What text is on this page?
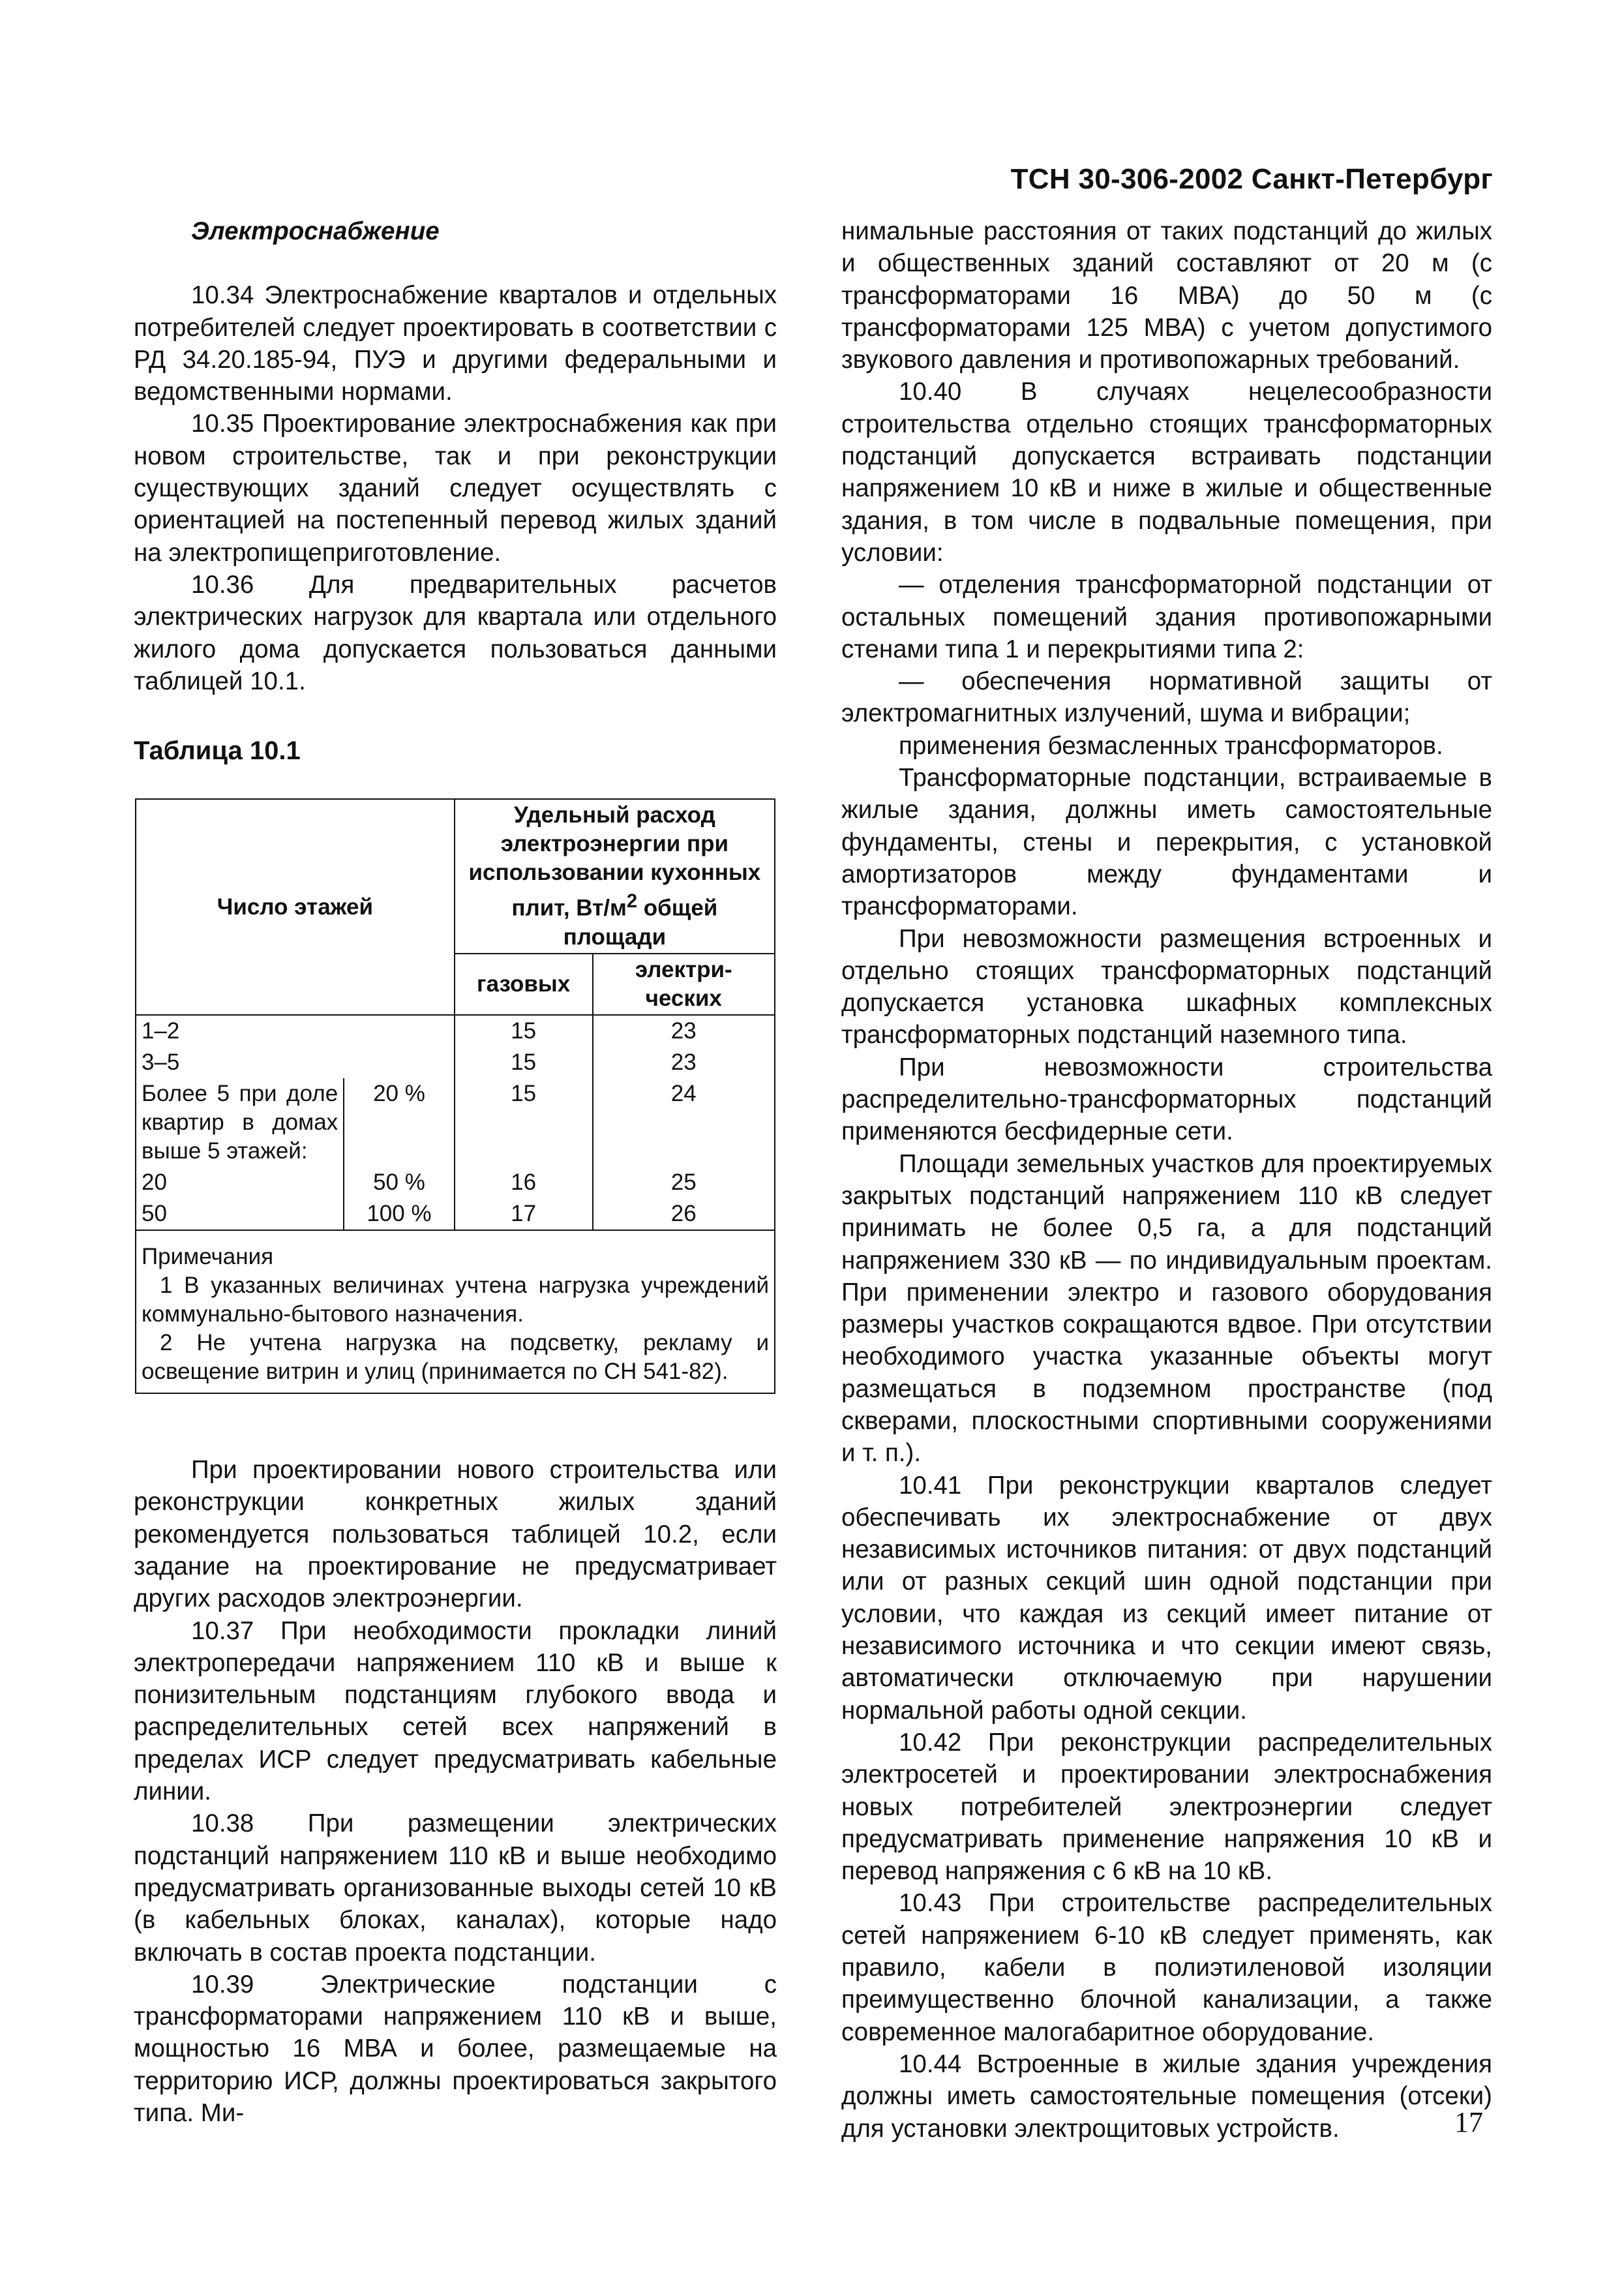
ТСН 30-306-2002 Санкт-Петербург
Электроснабжение

10.34 Электроснабжение кварталов и отдельных потребителей следует проектировать в соответствии с РД 34.20.185-94, ПУЭ и другими федеральными и ведомственными нормами.

10.35 Проектирование электроснабжения как при новом строительстве, так и при реконструкции существующих зданий следует осуществлять с ориентацией на постепенный перевод жилых зданий на электропищеприготовление.

10.36 Для предварительных расчетов электрических нагрузок для квартала или отдельного жилого дома допускается пользоваться данными таблицей 10.1.

Таблица 10.1
Число этажей		Удельный расход электроэнергии при использовании кухонных плит, $Вт/м^2$ общей площади	
		газовых	электри-
ческих
1–2		15	23
3–5		15	23
Более 5 при доле квартир в домах выше 5 этажей:	20 %	15	24
20	50 %	16	25
50	100 %	17	26

Примечания
1 В указанных величинах учтена нагрузка учреждений коммунально-бытового назначения.
2 Не учтена нагрузка на подсветку, рекламу и освещение витрин и улиц (принимается по СН 541-82).			

При проектировании нового строительства или реконструкции конкретных жилых зданий рекомендуется пользоваться таблицей 10.2, если задание на проектирование не предусматривает других расходов электроэнергии.

10.37 При необходимости прокладки линий электропередачи напряжением 110 кВ и выше к понизительным подстанциям глубокого ввода и распределительных сетей всех напряжений в пределах ИСР следует предусматривать кабельные линии.

10.38 При размещении электрических подстанций напряжением 110 кВ и выше необходимо предусматривать организованные выходы сетей 10 кВ (в кабельных блоках, каналах), которые надо включать в состав проекта подстанции.

10.39 Электрические подстанции с трансформаторами напряжением 110 кВ и выше, мощностью 16 МВА и более, размещаемые на территорию ИСР, должны проектироваться закрытого типа. Ми-

нимальные расстояния от таких подстанций до жилых и общественных зданий составляют от 20 м (с трансформаторами 16 МВА) до 50 м (с трансформаторами 125 МВА) с учетом допустимого звукового давления и противопожарных требований.

10.40 В случаях нецелесообразности строительства отдельно стоящих трансформаторных подстанций допускается встраивать подстанции напряжением 10 кВ и ниже в жилые и общественные здания, в том числе в подвальные помещения, при условии:

— отделения трансформаторной подстанции от остальных помещений здания противопожарными стенами типа 1 и перекрытиями типа 2:

— обеспечения нормативной защиты от электромагнитных излучений, шума и вибрации;

применения безмасленных трансформаторов.

Трансформаторные подстанции, встраиваемые в жилые здания, должны иметь самостоятельные фундаменты, стены и перекрытия, с установкой амортизаторов между фундаментами и трансформаторами.

При невозможности размещения встроенных и отдельно стоящих трансформаторных подстанций допускается установка шкафных комплексных трансформаторных подстанций наземного типа.

При невозможности строительства распределительно-трансформаторных подстанций применяются бесфидерные сети.

Площади земельных участков для проектируемых закрытых подстанций напряжением 110 кВ следует принимать не более 0,5 га, а для подстанций напряжением 330 кВ — по индивидуальным проектам. При применении электро и газового оборудования размеры участков сокращаются вдвое. При отсутствии необходимого участка указанные объекты могут размещаться в подземном пространстве (под скверами, плоскостными спортивными сооружениями и т. п.).

10.41 При реконструкции кварталов следует обеспечивать их электроснабжение от двух независимых источников питания: от двух подстанций или от разных секций шин одной подстанции при условии, что каждая из секций имеет питание от независимого источника и что секции имеют связь, автоматически отключаемую при нарушении нормальной работы одной секции.

10.42 При реконструкции распределительных электросетей и проектировании электроснабжения новых потребителей электроэнергии следует предусматривать применение напряжения 10 кВ и перевод напряжения с 6 кВ на 10 кВ.

10.43 При строительстве распределительных сетей напряжением 6-10 кВ следует применять, как правило, кабели в полиэтиленовой изоляции преимущественно блочной канализации, а также современное малогабаритное оборудование.

10.44 Встроенные в жилые здания учреждения должны иметь самостоятельные помещения (отсеки) для установки электрощитовых устройств.	17
